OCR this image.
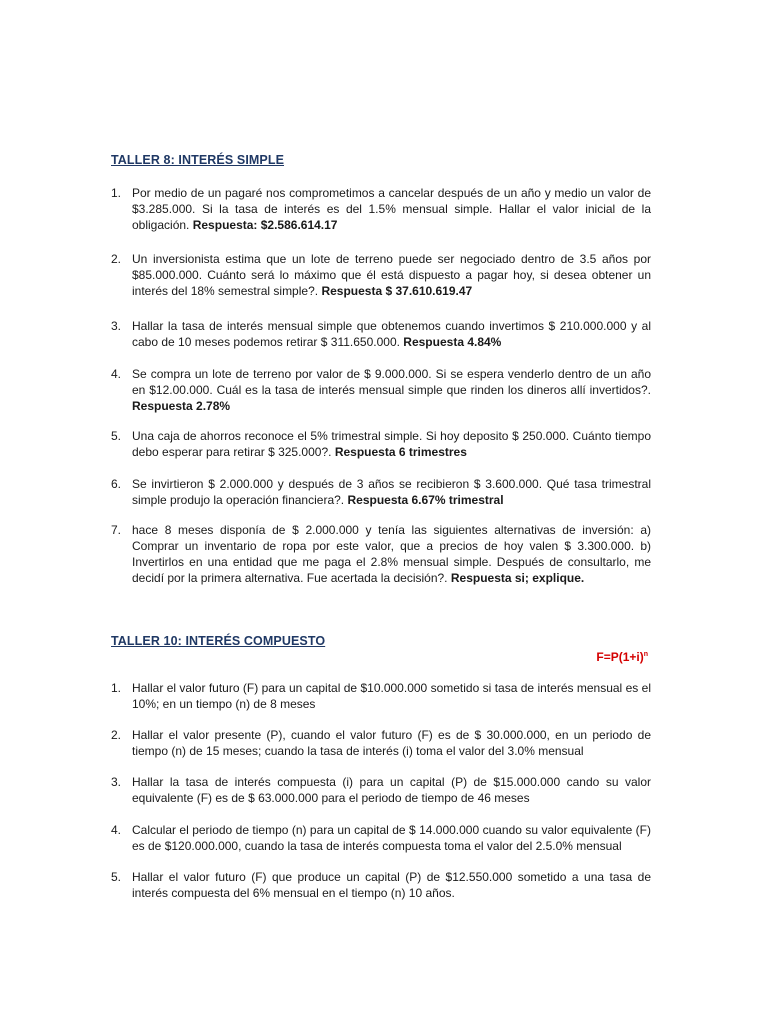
TALLER 8: INTERÉS SIMPLE
1. Por medio de un pagaré nos comprometimos a cancelar después de un año y medio un valor de $3.285.000. Si la tasa de interés es del 1.5% mensual simple. Hallar el valor inicial de la obligación. Respuesta: $2.586.614.17
2. Un inversionista estima que un lote de terreno puede ser negociado dentro de 3.5 años por $85.000.000. Cuánto será lo máximo que él está dispuesto a pagar hoy, si desea obtener un interés del 18% semestral simple?. Respuesta $ 37.610.619.47
3. Hallar la tasa de interés mensual simple que obtenemos cuando invertimos $ 210.000.000 y al cabo de 10 meses podemos retirar $ 311.650.000. Respuesta 4.84%
4. Se compra un lote de terreno por valor de $ 9.000.000. Si se espera venderlo dentro de un año en $12.00.000. Cuál es la tasa de interés mensual simple que rinden los dineros allí invertidos?. Respuesta 2.78%
5. Una caja de ahorros reconoce el 5% trimestral simple. Si hoy deposito $ 250.000. Cuánto tiempo debo esperar para retirar $ 325.000?. Respuesta 6 trimestres
6. Se invirtieron $ 2.000.000 y después de 3 años se recibieron $ 3.600.000. Qué tasa trimestral simple produjo la operación financiera?. Respuesta 6.67% trimestral
7. hace 8 meses disponía de $ 2.000.000 y tenía las siguientes alternativas de inversión: a) Comprar un inventario de ropa por este valor, que a precios de hoy valen $ 3.300.000. b) Invertirlos en una entidad que me paga el 2.8% mensual simple. Después de consultarlo, me decidí por la primera alternativa. Fue acertada la decisión?. Respuesta si; explique.
TALLER 10: INTERÉS COMPUESTO
$F=P(1+i)^n$
1. Hallar el valor futuro (F) para un capital de $10.000.000 sometido si tasa de interés mensual es el 10%; en un tiempo (n) de 8 meses
2. Hallar el valor presente (P), cuando el valor futuro (F) es de $ 30.000.000, en un periodo de tiempo (n) de 15 meses; cuando la tasa de interés (i) toma el valor del 3.0% mensual
3. Hallar la tasa de interés compuesta (i) para un capital (P) de $15.000.000 cando su valor equivalente (F) es de $ 63.000.000 para el periodo de tiempo de 46 meses
4. Calcular el periodo de tiempo (n) para un capital de $ 14.000.000 cuando su valor equivalente (F) es de $120.000.000, cuando la tasa de interés compuesta toma el valor del 2.5.0% mensual
5. Hallar el valor futuro (F) que produce un capital (P) de $12.550.000 sometido a una tasa de interés compuesta del 6% mensual en el tiempo (n) 10 años.
